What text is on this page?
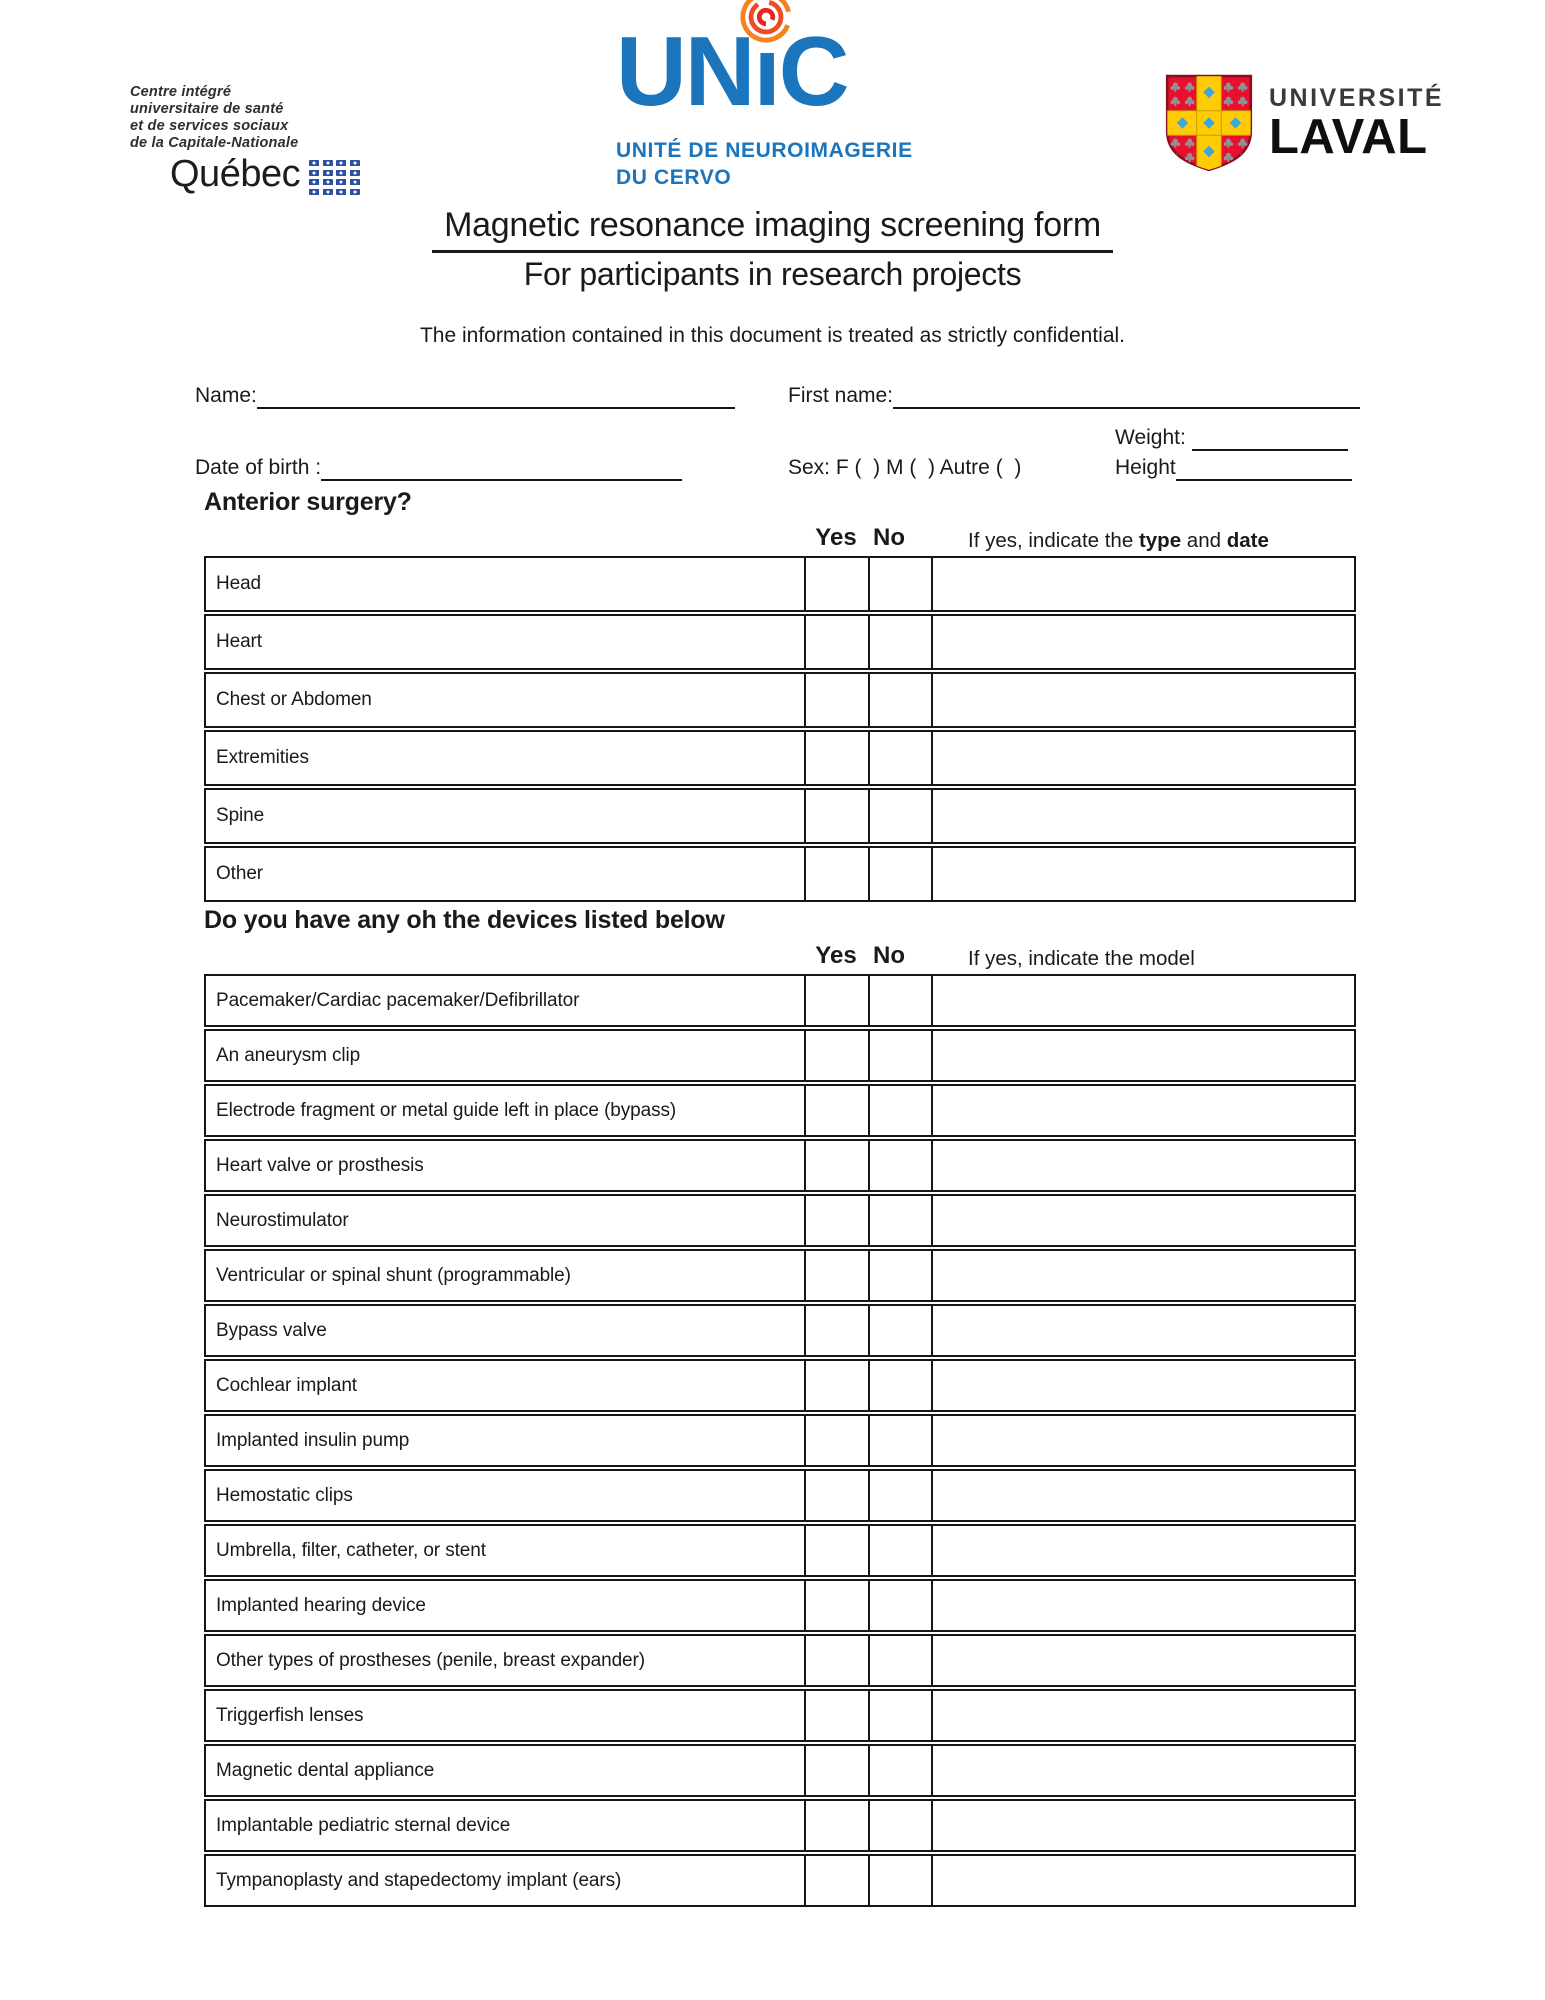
Centre intégré
universitaire de santé
et de services sociaux
de la Capitale-Nationale
Québec
UN ı C
UNITÉ DE NEUROIMAGERIE
DU CERVO
UNIVERSITÉ
LAVAL
Magnetic resonance imaging screening form
For participants in research projects
The information contained in this document is treated as strictly confidential.
Name:	First name:
Weight:
Date of birth :	Sex: F (  ) M (  ) Autre (  )	Height
Anterior surgery?
Yes No	If yes, indicate the type and date
Head
Heart
Chest or Abdomen
Extremities
Spine
Other
Do you have any oh the devices listed below
Yes No	If yes, indicate the model
Pacemaker/Cardiac pacemaker/Defibrillator
An aneurysm clip
Electrode fragment or metal guide left in place (bypass)
Heart valve or prosthesis
Neurostimulator
Ventricular or spinal shunt (programmable)
Bypass valve
Cochlear implant
Implanted insulin pump
Hemostatic clips
Umbrella, filter, catheter, or stent
Implanted hearing device
Other types of prostheses (penile, breast expander)
Triggerfish lenses
Magnetic dental appliance
Implantable pediatric sternal device
Tympanoplasty and stapedectomy implant (ears)
